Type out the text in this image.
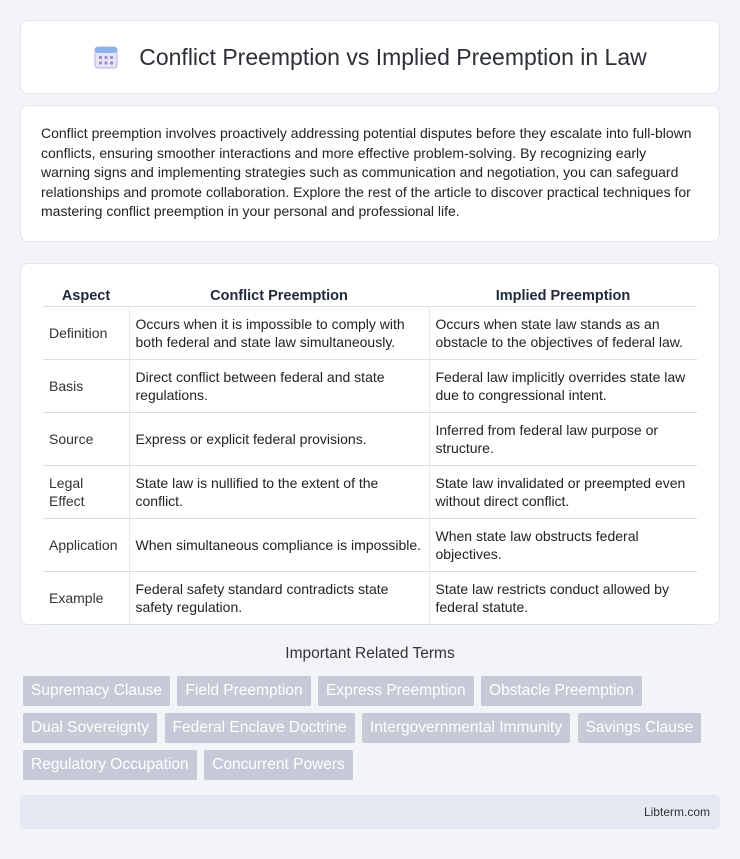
Conflict Preemption vs Implied Preemption in Law

Conflict preemption involves proactively addressing potential disputes before they escalate into full-blown conflicts, ensuring smoother interactions and more effective problem-solving. By recognizing early warning signs and implementing strategies such as communication and negotiation, you can safeguard relationships and promote collaboration. Explore the rest of the article to discover practical techniques for mastering conflict preemption in your personal and professional life.

Aspect	Conflict Preemption	Implied Preemption
Definition	Occurs when it is impossible to comply with both federal and state law simultaneously.	Occurs when state law stands as an obstacle to the objectives of federal law.
Basis	Direct conflict between federal and state regulations.	Federal law implicitly overrides state law due to congressional intent.
Source	Express or explicit federal provisions.	Inferred from federal law purpose or structure.
Legal Effect	State law is nullified to the extent of the conflict.	State law invalidated or preempted even without direct conflict.
Application	When simultaneous compliance is impossible.	When state law obstructs federal objectives.
Example	Federal safety standard contradicts state safety regulation.	State law restricts conduct allowed by federal statute.
Important Related Terms
Supremacy Clause Field Preemption Express Preemption Obstacle Preemption Dual Sovereignty Federal Enclave Doctrine Intergovernmental Immunity Savings Clause Regulatory Occupation Concurrent Powers
Libterm.com
